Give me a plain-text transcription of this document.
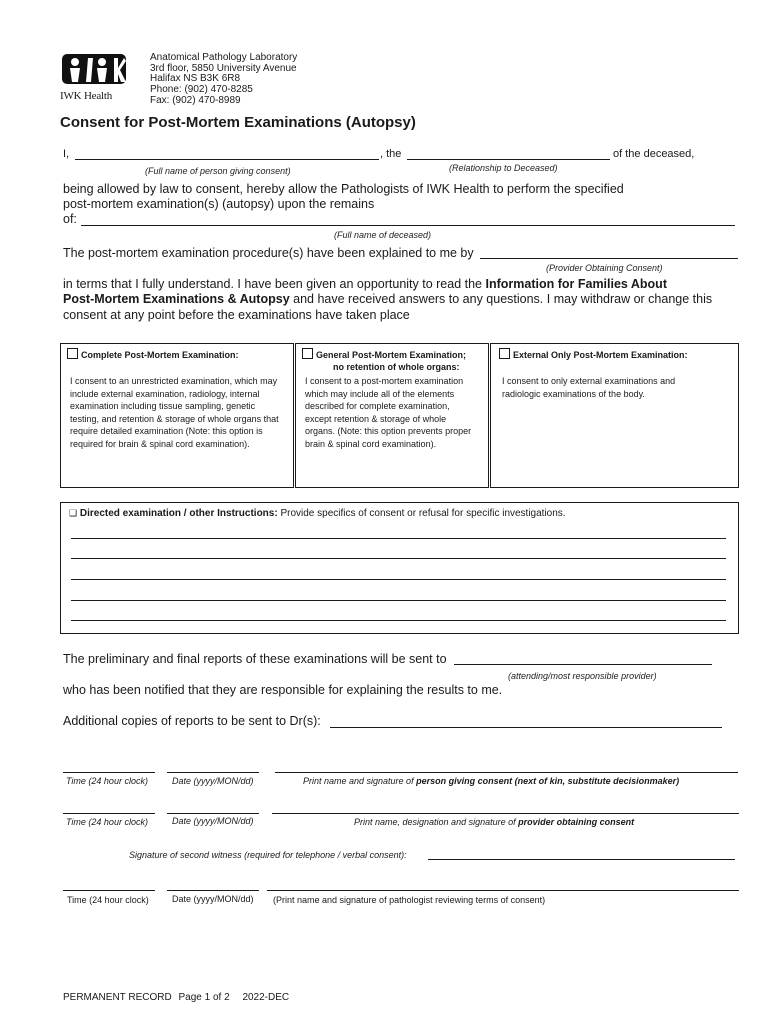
IWK Health
Anatomical Pathology Laboratory
3rd floor, 5850 University Avenue
Halifax NS B3K 6R8
Phone: (902) 470-8285
Fax: (902) 470-8989
Consent for Post-Mortem Examinations (Autopsy)
I,	, the	of the deceased,
(Full name of person giving consent)	(Relationship to Deceased)
being allowed by law to consent, hereby allow the Pathologists of IWK Health to perform the specified
post-mortem examination(s) (autopsy) upon the remains
of:
(Full name of deceased)
The post-mortem examination procedure(s) have been explained to me by
(Provider Obtaining Consent)
in terms that I fully understand. I have been given an opportunity to read the Information for Families About
Post-Mortem Examinations & Autopsy and have received answers to any questions. I may withdraw or change this
consent at any point before the examinations have taken place
Complete Post-Mortem Examination:
I consent to an unrestricted examination, which may include external examination, radiology, internal examination including tissue sampling, genetic testing, and retention & storage of whole organs that require detailed examination (Note: this option is required for brain & spinal cord examination).
General Post-Mortem Examination;
no retention of whole organs:
I consent to a post-mortem examination which may include all of the elements described for complete examination, except retention & storage of whole organs. (Note: this option prevents proper brain & spinal cord examination).
External Only Post-Mortem Examination:
I consent to only external examinations and radiologic examinations of the body.
❑ Directed examination / other Instructions: Provide specifics of consent or refusal for specific investigations.
The preliminary and final reports of these examinations will be sent to
(attending/most responsible provider)
who has been notified that they are responsible for explaining the results to me.
Additional copies of reports to be sent to Dr(s):
Time (24 hour clock)	Date (yyyy/MON/dd)	Print name and signature of person giving consent (next of kin, substitute decisionmaker)
Time (24 hour clock)	Date (yyyy/MON/dd)	Print name, designation and signature of provider obtaining consent
Signature of second witness (required for telephone / verbal consent):
Time (24 hour clock)	Date (yyyy/MON/dd) (Print name and signature of pathologist reviewing terms of consent)
PERMANENT RECORD Page 1 of 2 2022-DEC
